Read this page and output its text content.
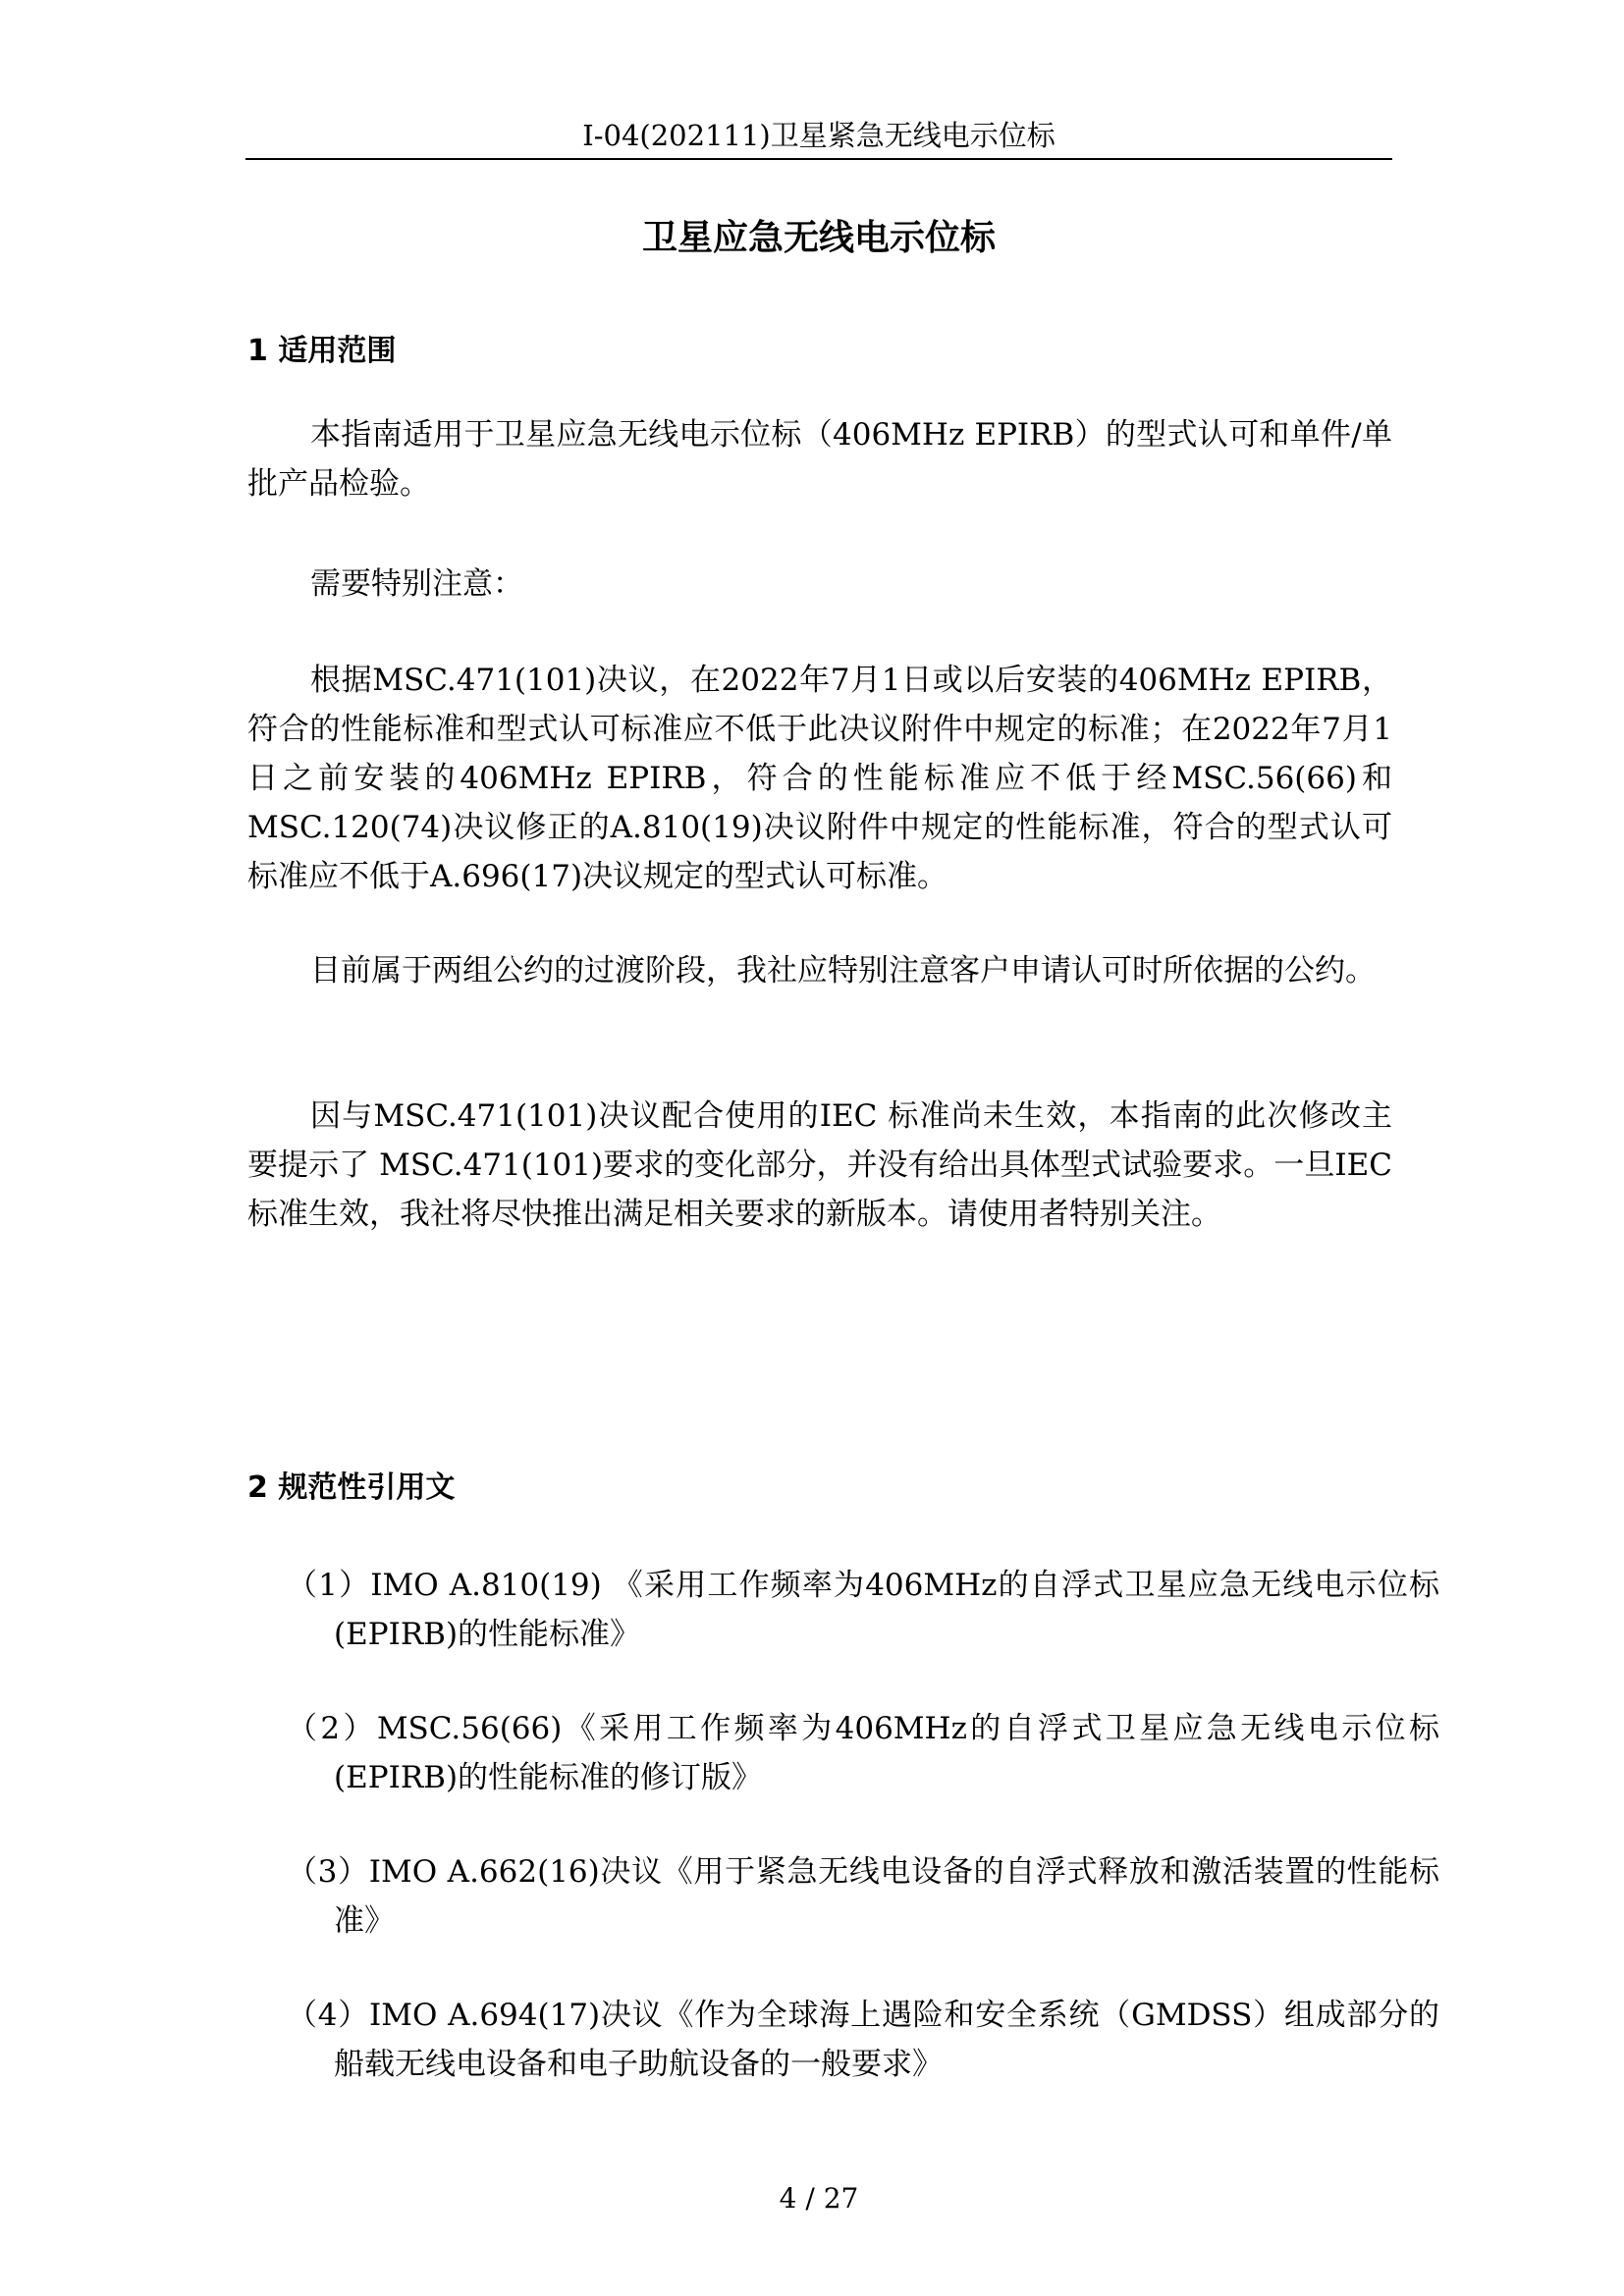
I-04(202111)卫星紧急无线电示位标
卫星应急无线电示位标
1 适用范围

本指南适用于卫星应急无线电示位标（406MHz EPIRB）的型式认可和单件/单批产品检验。

需要特别注意：

根据MSC.471(101)决议，在2022年7月1日或以后安装的406MHz EPIRB，符合的性能标准和型式认可标准应不低于此决议附件中规定的标准；在2022年7月1日之前安装的406MHz EPIRB，符合的性能标准应不低于经MSC.56(66)和MSC.120(74)决议修正的A.810(19)决议附件中规定的性能标准，符合的型式认可标准应不低于A.696(17)决议规定的型式认可标准。

目前属于两组公约的过渡阶段，我社应特别注意客户申请认可时所依据的公约。

因与MSC.471(101)决议配合使用的IEC 标准尚未生效，本指南的此次修改主要提示了 MSC.471(101)要求的变化部分，并没有给出具体型式试验要求。一旦IEC标准生效，我社将尽快推出满足相关要求的新版本。请使用者特别关注。

2 规范性引用文

（1）IMO A.810(19) 《采用工作频率为406MHz的自浮式卫星应急无线电示位标(EPIRB)的性能标准》

（2）MSC.56(66)《采用工作频率为406MHz的自浮式卫星应急无线电示位标(EPIRB)的性能标准的修订版》

（3）IMO A.662(16)决议《用于紧急无线电设备的自浮式释放和激活装置的性能标准》

（4）IMO A.694(17)决议《作为全球海上遇险和安全系统（GMDSS）组成部分的船载无线电设备和电子助航设备的一般要求》

4 / 27
